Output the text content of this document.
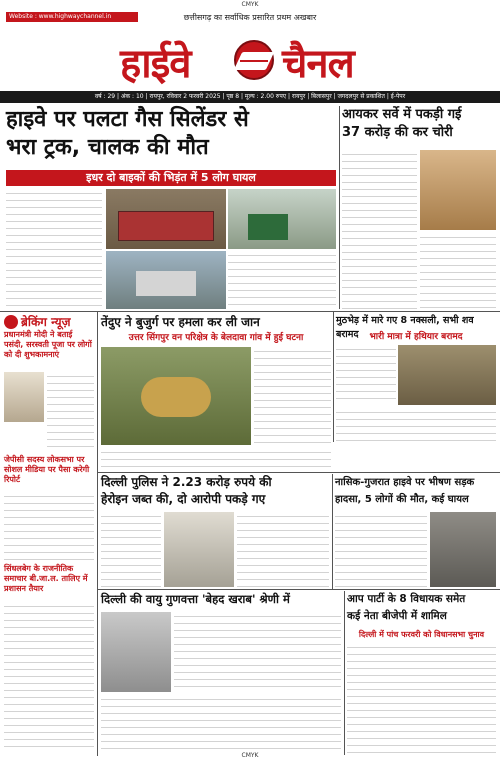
CMYK
Website : www.highwaychannel.in	छत्तीसगढ़ का सर्वाधिक प्रसारित प्रथम अखबार
हाईवे चैनल
वर्ष : 29 | अंक : 10 | रायपुर, रविवार 2 फरवरी 2025 | पृष्ठ 8 | मूल्य : 2.00 रुपए | रायपुर | बिलासपुर | जगदलपुर से प्रकाशित | ई-पेपर
हाइवे पर पलटा गैस सिलेंडर से
भरा ट्रक, चालक की मौत
इधर दो बाइकों की भिड़ंत में 5 लोग घायल
आयकर सर्वे में पकड़ी गई
37 करोड़ की कर चोरी
ब्रेकिंग न्यूज़
प्रधानमंत्री मोदी ने बताई पसंदी, सरस्वती पूजा पर लोगों को दी शुभकामनाएं
जेपीसी सदस्य लोकसभा पर सोशल मीडिया पर पैसा करेगी रिपोर्ट
सिंधलबेग के राजनीतिक समाचार बी.जा.ल. तालिए में प्रशासन तैयार
तेंदुए ने बुजुर्ग पर हमला कर ली जान
उत्तर सिंगपुर वन परिक्षेत्र के बेलदावा गांव में हुई घटना
मुठभेड़ में मारे गए 8 नक्सली, सभी शव बरामद	भारी मात्रा में हथियार बरामद
दिल्ली पुलिस ने 2.23 करोड़ रुपये की
हेरोइन जब्त की, दो आरोपी पकड़े गए
नासिक-गुजरात हाइवे पर भीषण सड़क
हादसा, 5 लोगों की मौत, कई घायल
दिल्ली की वायु गुणवत्ता 'बेहद खराब' श्रेणी में	आप पार्टी के 8 विधायक समेत
कई नेता बीजेपी में शामिल
दिल्ली में पांच फरवरी को विधानसभा चुनाव
CMYK
